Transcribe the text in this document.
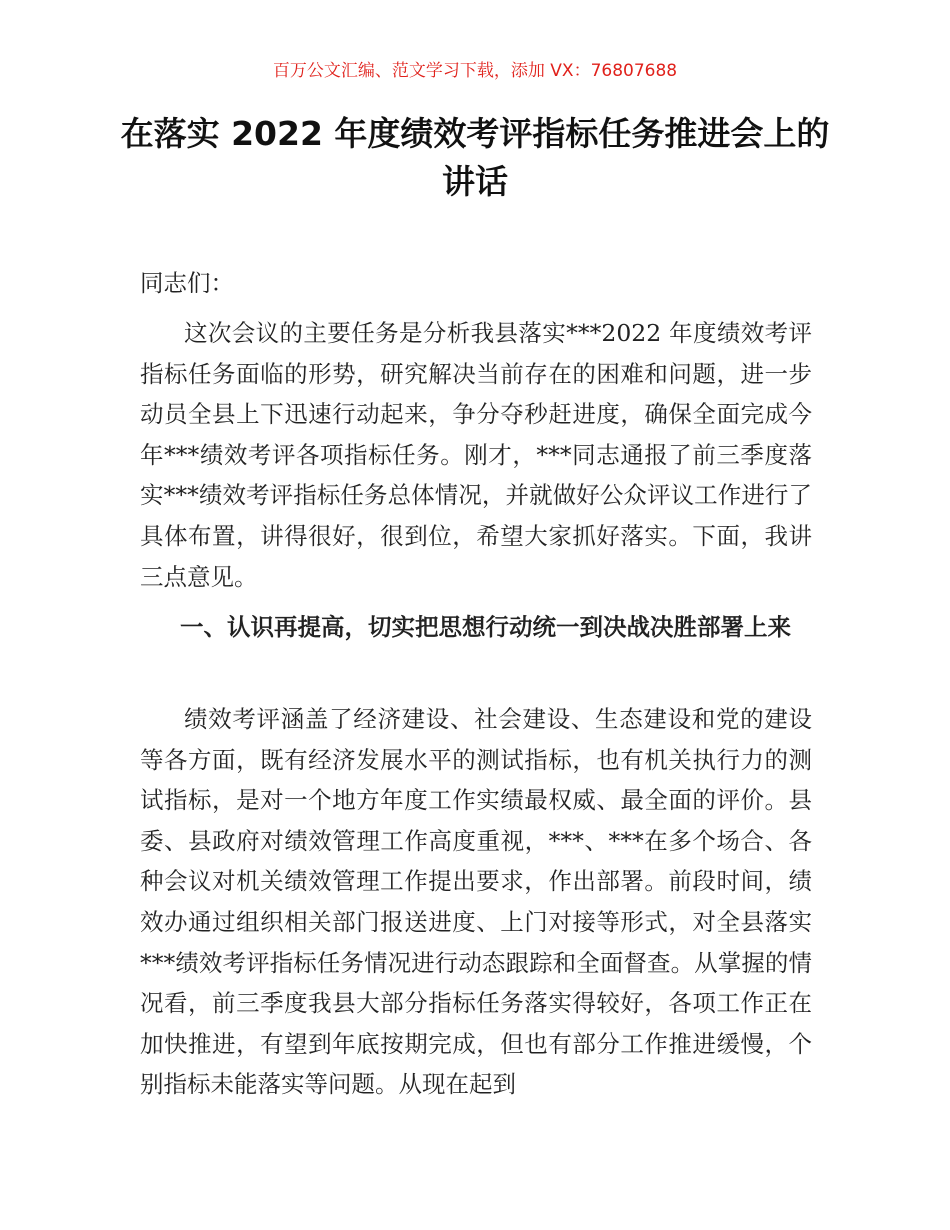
百万公文汇编、范文学习下载，添加 VX：76807688
在落实 2022 年度绩效考评指标任务推进会上的讲话

同志们：

这次会议的主要任务是分析我县落实***2022 年度绩效考评指标任务面临的形势，研究解决当前存在的困难和问题，进一步动员全县上下迅速行动起来，争分夺秒赶进度，确保全面完成今年***绩效考评各项指标任务。刚才，***同志通报了前三季度落实***绩效考评指标任务总体情况，并就做好公众评议工作进行了具体布置，讲得很好，很到位，希望大家抓好落实。下面，我讲三点意见。

一、认识再提高，切实把思想行动统一到决战决胜部署上来

绩效考评涵盖了经济建设、社会建设、生态建设和党的建设等各方面，既有经济发展水平的测试指标，也有机关执行力的测试指标，是对一个地方年度工作实绩最权威、最全面的评价。县委、县政府对绩效管理工作高度重视，***、***在多个场合、各种会议对机关绩效管理工作提出要求，作出部署。前段时间，绩效办通过组织相关部门报送进度、上门对接等形式，对全县落实***绩效考评指标任务情况进行动态跟踪和全面督查。从掌握的情况看，前三季度我县大部分指标任务落实得较好，各项工作正在加快推进，有望到年底按期完成，但也有部分工作推进缓慢，个别指标未能落实等问题。从现在起到
